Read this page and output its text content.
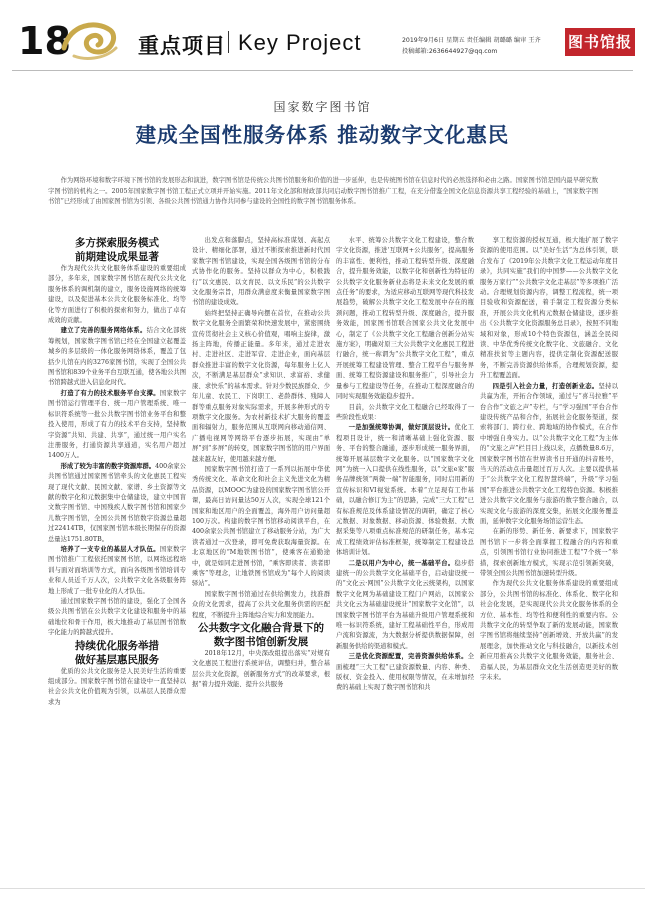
18	重点项目 Key Project	2019年9月6日 星期五 责任编辑 胡璐璐 编审 王齐
投稿邮箱:2636644927@qq.com
图书馆报
国家数字图书馆
建成全国性服务体系 推动数字文化惠民
作为网络环境和数字环境下图书馆的发展形态和演进，数字图书馆是传统公共图书馆服务和价值的进一步延伸，也是传统图书馆在信息时代的必然选择和必由之路。国家图书馆是国内最早研究数字图书馆的机构之一。2005年国家数字图书馆工程正式立项并开始实施。2011年文化部和财政部共同启动数字图书馆推广工程，在充分借鉴全国文化信息资源共享工程经验的基础上，“国家数字图书馆”已经形成了由国家图书馆为引领、各级公共图书馆通力协作共同参与建设的全国性的数字图书馆服务体系。

多方探索服务模式
前期建设成果显著

作为现代公共文化服务体系建设的重要组成部分，多年来，国家数字图书馆在现代公共文化服务体系的调机制的建立，服务设施网络的统筹建设，以及促进基本公共文化服务标准化、均等化等方面进行了积极的探索和努力，做出了卓有成效的贡献。

建立了完善的服务网络体系。结合文化部统筹规划，国家数字图书馆已经在全国建立起覆盖城乡的多层级的一体化服务网络体系，覆盖了包括少儿馆在内的3276家图书馆，实现了全国公共图书馆和839个业务平台互联互通，使各地公共图书馆跨越式进入信息化时代。

打造了有力的技术服务平台支撑。国家数字图书馆运行管理平台、统一用户管理系统、唯一标识符系统等一批公共数字图书馆业务平台和整投入使用，形成了有力的技术平台支持，坚持数字资源“共知、共建、共享”，通过统一用户实名注册服务，打通资源共享通道，实名用户超过1400万人。

形成了较为丰富的数字资源库群。400余家公共图书馆通过国家图书馆牵头的文化惠民工程实现了现代文献、民国文献、家谱、乡土资源等文献的数字化和元数据集中仓储建设，建立中国盲文数字图书馆、中国残疾人数字图书馆和国家少儿数字图书馆，全国公共图书馆数字资源总量超过22414TB，仅国家图书馆本级长期保存的资源总量达1751.80TB。

培养了一支专业的基层人才队伍。国家数字图书馆推广工程依托国家图书馆，以网络远程培训与面对面培训等方式，面向各级图书馆培训专业和人员近千万人次，公共数字文化各级服务阵地上形成了一批专业化的人才队伍。

通过国家数字图书馆的建设，强化了全国各级公共图书馆在公共数字文化建设和服务中的基础地位和骨干作用，极大地推动了基层图书馆数字化能力的跨越式提升。

持续优化服务举措
做好基层惠民服务

优质的公共文化服务是人民美好生活的重要组成部分。国家数字图书馆在建设中一直坚持以社会公共文化价值观为引领，以基层人民群众需求为

出发点和落脚点，坚持高标准谋划、高起点设计、精细化部署，通过不断探索推进新时代国家数字图书馆建设，实现全国各级图书馆的分布式协作化的服务。坚持以群众为中心，积极践行“以文惠民、以文育民、以文乐民”的公共数字文化服务宗旨，用群众满意度来衡量国家数字图书馆的建设成效。

始终把坚持正确导向摆在首位，在推动公共数字文化服务全面繁荣和快速发展中，紧密围绕宣传贯彻社会主义核心价值观，唱响主旋律，激扬主阵地，传播正能量。多年来，通过走进农村、走进社区、走进军营、走进企业，面向基层群众推进丰富的数字文化资源，每年服务上亿人次，不断满足基层群众“求知识、求富裕、求健康、求快乐”的基本需求。针对少数民族群众、少年儿童、农民工、下岗职工、老龄群体、残障人群等重点服务对象实际需求，开展多种形式的专项数字文化服务。为农村新技术扩大服务的覆盖面和辐射力，服务范围从互联网向移动通信网、广播电视网等网络平台逐步拓展，实现由“单屏”到“多屏”的转变，国家数字图书馆的用户界面越来越友好，使用越来越方便。

国家数字图书馆打造了一系列以拓展中华优秀传统文化、革命文化和社会主义先进文化为精品资源，以MOOC为建设的国家数字图书馆公开课，最高日访问量达50万人次，实现全球121个国家和地区用户的全面覆盖，海外用户访问量超100万次。构建的数字图书馆移动阅读平台，在400余家公共图书馆建立了移动服务分站，为广大读者通过一次登录，即可免费获取海量资源。在北京地区的“M地铁图书馆”，使乘客在通勤途中，就是如同走进图书馆，“乘客即读者、读者即乘客”等理念，让地铁图书馆成为“每个人的阅读驿站”。

国家数字图书馆通过在供给侧发力，找准群众的文化需求，提高了公共文化服务供需的匹配程度，不断提升主阵地综合实力和发展能力。

公共数字文化融合背景下的
数字图书馆创新发展

2018年12月，中央深改组提出落实“对规有文化惠民工程进行系统评估，调整归并，整合基层公共文化资源，创新服务方式”的改革要求，根据“着力提升效能、提升公共服务

水平、统筹公共数字文化工程建设，整合数字文化资源，推进‘互联网+公共服务’，提高服务的丰富性、便利性，推动工程转型升级、深度融合，提升服务效能，以数字化和创新性为特征的公共数字文化服务新业态将是未来文化发展的重点任务”的要求，为适应移动互联网等现代科技发展趋势，破解公共数字文化工程发展中存在的瓶颈问题，推动工程转型升级、深度融合，提升服务效能，国家图书馆联合国家公共文化发展中心，制定了《公共数字文化工程融合创新分站实施方案》，明确对原三大公共数字文化惠民工程进行融合，统一称谓为“公共数字文化工程”，重点开展统筹工程建设管理、整合工程平台与服务界面、统筹工程资源建设和服务推广，引导社会力量参与工程建设等任务，在推动工程深度融合的同时实现服务效能稳步提升。

目前，公共数字文化工程融合已经取得了一些阶段性成果：

一是加强统筹协调，做好顶层设计。优化工程项目设计，统一和清晰基础上强化资源、服务、平台的整合融通，逐步形成统一服务界面，统筹开展基层数字文化服务。以“国家数字文化网”为统一入口提供在线性服务，以“文旅e家”服务品牌统领“两微一端”智能服务，同时启用新的宣传标识和VI视觉系统。本着“立足现有工作基础，以融合修订为主”的思路，完成“三大工程”已有标准规范及体系建设情况的调研，确定了核心元数据、对象数据、移动资源、体验数据、大数据采集等八项重点标准规范的研制任务，基本完成工程绩效评估标准框架，统筹制定工程建设总体培训计划。

二是以用户为中心，统一基础平台。稳步搭建统一的公共数字文化基础平台，启动建设统一的“文化云·网国”公共数字文化云统架构，以国家数字文化网为基础建设工程门户网站，以国家公共文化云为基础建设统计“国家数字文化馆”，以国家数字图书馆平台为基础升级用户管理系统和唯一标识符系统，建好工程基础性平台，形成用户流和资源流，为大数据分析提供数据保障，创新服务供给的渠道和模式。

三是优化资源配置，完善资源供给体系。全面梳理“三大工程”已建资源数量、内容、种类、版权、资金投入、使用权限等情况，在未增加经费的基础上实现了数字图书馆和共

享工程资源的授权互通，极大地扩展了数字资源的使用范围。以“美好生活”为总体引领，联合发布了《2019年公共数字文化工程运动年度目录》，共同实施“我们的中国梦——公共数字文化服务万家行”“公共数字文化走基层”等多项推广活动。合理规划资源内容，调整工程流程，统一项目验收和资源配送，着手制定工程资源分类标准，开展公共文化机构元数据仓储建设，逐步推出《公共数字文化资源服务总目录》，按照不同地域和对象，形成10个特色资源包，涵盖全民阅读、中华优秀传统文化数字化、文旅融合、文化精准扶贫等主题内容，提供定制化资源配送服务，不断完善资源供给体系，合理规划资源，提升工程覆盖面。

四是引入社会力量，打造创新业态。坚持以共赢为准，开拓合作领域，通过与“喜马拉雅”平台合作“文旅之声”专栏，与“学习强国”平台合作建设传统产品和合作，拓展社会化服务渠道，探索将部门、跨行业、跨地域的协作模式，在合作中增强自身实力。以“公共数字文化工程”为主体的“文旅之声”栏目目上线以来，点播数量8.6万，国家数字图书馆在世界读书日开通的抖音账号，当天的活动点击量超过百万人次。主要以提供基于“公共数字文化工程智慧终端”，升级“学习强国”平台推进公共数字文化工程特色资源。积极推进公共数字文化服务与旅游的数字整合融合，以实现文化与旅游的深度交集，拓展文化服务覆盖面，延伸数字文化服务场馆运营生态。

在新的形势、新任务、新要求下，国家数字图书馆下一步将全面掌握工程融合的内容和重点，引领图书馆行业协同推进工程“7个统一”举措，探索创新地方模式，实现示范引领新突破，带领全国公共图书馆加速转型升级。

作为现代公共文化服务体系建设的重要组成部分，公共图书馆的标准化、体系化、数字化和社会化发展，是实现现代公共文化服务体系的全方位、基本性、均等性和便利性的重要内容。公共数字文化的转型争取了新的发展动能，国家数字图书馆将继续坚持“创新增效、开放共赢”的发展理念，加快推动文化与科技融合，以新技术创新应用推高公共数字文化服务效能，服务社会、造福人民，为基层群众文化生活创造更美好的数字未来。
